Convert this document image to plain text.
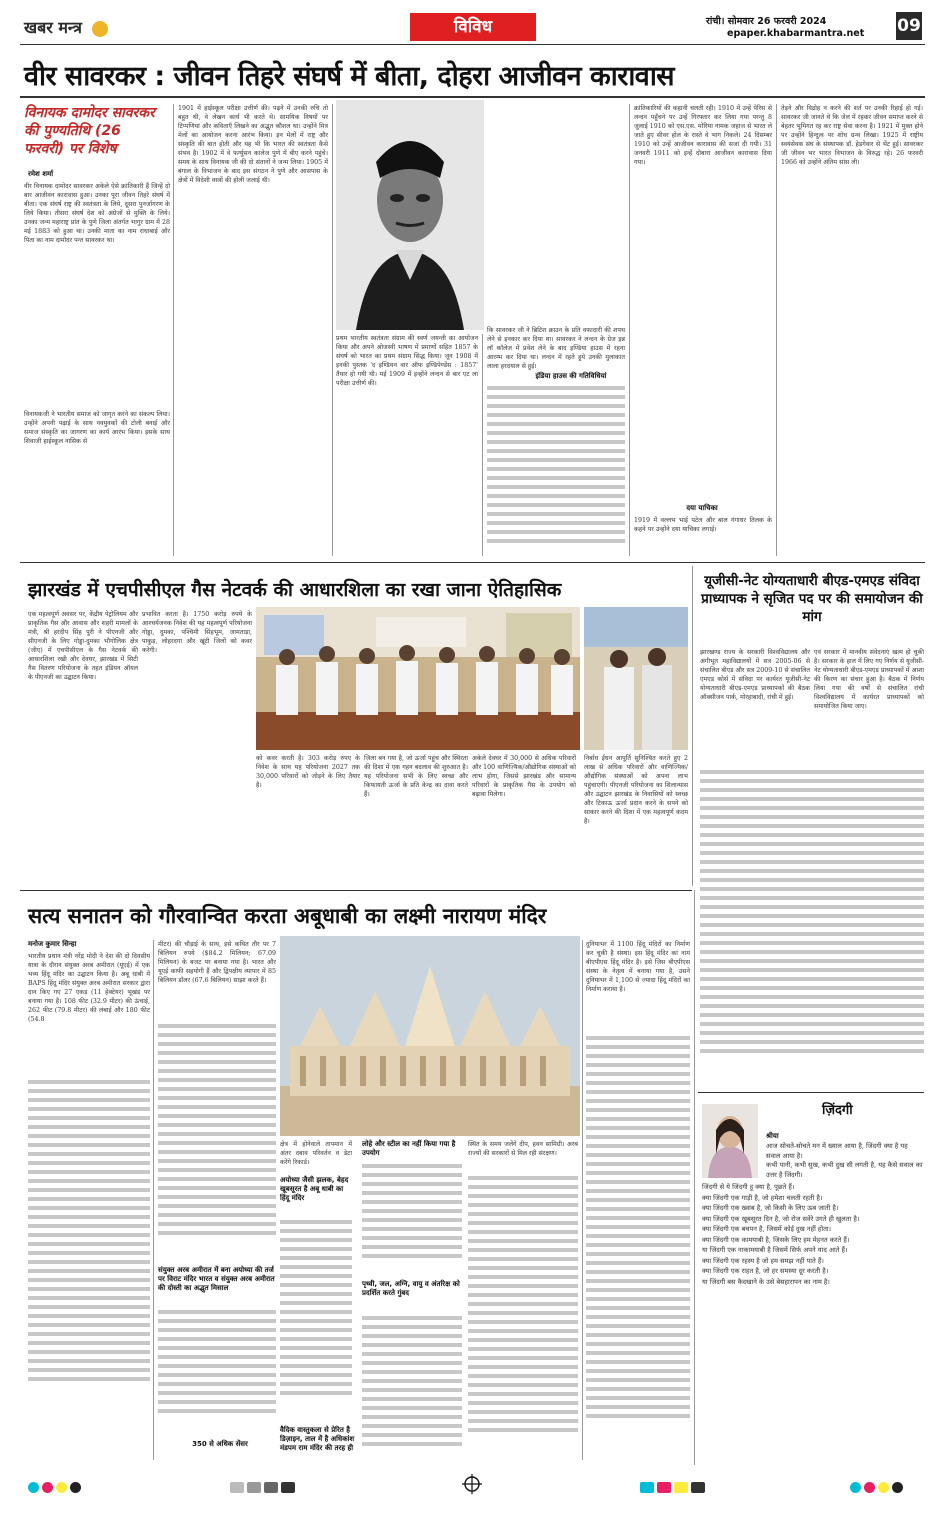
खबर मन्त्र	विविध	रांची। सोमवार 26 फरवरी 2024
epaper.khabarmantra.net 09
वीर सावरकर : जीवन तिहरे संघर्ष में बीता, दोहरा आजीवन कारावास
विनायक दामोदर सावरकर की पुण्यतिथि (26 फरवरी) पर विशेष
रमेश शर्मा
वीर विनायक दामोदर सावरकर अकेले ऐसे क्रांतिकारी हैं जिन्हें दो बार आजीवन कारावास हुआ। उनका पूरा जीवन तिहरे संघर्ष में बीता। एक संघर्ष राष्ट्र की स्वतंत्रता के लिये, दूसरा पुनर्जागरण के लिये किया। तीसरा संघर्ष देश को अंग्रेजों से मुक्ति के लिये। उनका जन्म महाराष्ट्र प्रांत के पुणे जिला अंतर्गत भागुर ग्राम में 28 मई 1883 को हुआ था। उनकी माता का नाम राधाबाई और पिता का नाम दामोदर पन्त सावरकर था।
विनायकजी ने भारतीय समाज को जागृत करने का संकल्प लिया। उन्होंने अपनी पढ़ाई के साथ नवयुवकों की टोली बनाई और समाज संस्कृति का जागरण का कार्य आरंभ किया। इसके साथ शिवाजी हाईस्कूल नासिक से
1901 में हाईस्कूल परीक्षा उत्तीर्ण की। पढ़ने में उनकी रुचि तो बहुत थी, वे लेखन कार्य भी करते थे। सामयिक विषयों पर टिप्पणियां और कविताएँ लिखने का अद्भुत कौशल था। उन्होंने मित्र मेलों का आयोजन करना आरंभ किया। इन मेलों में राष्ट्र और संस्कृति की बात होती और यह भी कि भारत की स्वतंत्रता कैसे संभव है। 1902 में वे फर्ग्युसन कालेज पुणे में बीए करने पहुंचे। समय के साथ विनायक जी की दो संतानों ने जन्म लिया। 1905 में बंगाल के विभाजन के बाद इस संगठन ने पुणे और आसपास के क्षेत्रों में विदेशी वस्त्रों की होली जलाई थी।
प्रथम भारतीय स्वतंत्रता संग्राम की स्वर्ण जयन्ती का आयोजन किया और अपने ओजस्वी भाषण में प्रमाणों सहित 1857 के संघर्ष को भारत का प्रथम संग्राम सिद्ध किया। जून 1908 में इनकी पुस्तक 'द इण्डियन वार ऑफ इण्डिपेण्डेंस : 1857' तैयार हो गयी थी। मई 1909 में इन्होंने लन्दन से बार एट ला परीक्षा उत्तीर्ण की।
कि सावरकर जी ने ब्रिटिश क्राउन के प्रति वफादारी की शपथ लेने से इनकार कर दिया था। सावरकर ने लन्दन के ग्रेज इन्न लॉ कॉलेज में प्रवेश लेने के बाद इण्डिया हाउस में रहना आरम्भ कर दिया था। लन्दन में रहते हुये उनकी मुलाकात लाला हरदयाल से हुई।
इंडिया हाउस की गतिविधियां
क्रांतिकारियों की कहानी चलती रही। 1910 में उन्हें पेरिस से लन्दन पहुँचने पर उन्हें गिरफ्तार कर लिया गया परन्तु 8 जुलाई 1910 को एस.एस. मोरिया नामक जहाज से भारत ले जाते हुए सीवर होल के रास्ते वे भाग निकले। 24 दिसम्बर 1910 को उन्हें आजीवन कारावास की सजा दी गयी। 31 जनवरी 1911 को इन्हें दोबारा आजीवन कारावास दिया गया।
दया याचिका
1919 में वल्लभ भाई पटेल और बाल गंगाधर तिलक के कहने पर उन्होंने दया याचिका लगाई।
तेड़ने और विद्रोह न करने की शर्त पर उनकी रिहाई हो गई। सावरकर जी जानते थे कि जेल में रहकर जीवन समाप्त करने से बेहतर भूमिगत रह कर राष्ट्र सेवा करना है। 1921 में मुक्त होने पर उन्होंने हिन्दुत्व पर शोध ग्रन्थ लिखा। 1925 में राष्ट्रीय स्वयंसेवक संघ के संस्थापक डॉ. हेडगेवार से भेंट हुई। सावरकर जी जीवन भर भारत विभाजन के विरुद्ध रहे। 26 फरवरी 1966 को उन्होंने अंतिम सांस ली।
झारखंड में एचपीसीएल गैस नेटवर्क की आधारशिला का रखा जाना ऐतिहासिक
एक महत्वपूर्ण अवसर पर, केंद्रीय पेट्रोलियम और प्राकृतिक गैस और आवास और शहरी मामलों के मंत्री, श्री हरदीप सिंह पुरी ने पीएनजी और सीएनजी के लिए गोड्डा-दुमका भौगोलिक क्षेत्र (जीए) में एचपीसीएल के गैस नेटवर्क की आधारशिला रखी और देवघर, झारखंड में सिटी गैस वितरण परियोजना के तहत इंडियन ऑयल के पीएनजी का उद्घाटन किया।
प्रभावित करता है। 1750 करोड़ रुपये के आश्चर्यजनक निवेश की यह महत्वपूर्ण परियोजना गोड्डा, दुमका, पश्चिमी सिंहभूम, जामताड़ा, पाकुड़, लोहरदगा और खूंटी जिलों को कवर करेगी।
को कवर करती है। 303 करोड़ रुपए के निवेश के साथ यह परियोजना 2027 तक 30,000 परिवारों को जोड़ने के लिए तैयार है।
जिला बन गया है, जो ऊर्जा पहुंच और स्थिरता की दिशा में एक गहन बदलाव की शुरुआत है। यह परियोजना सभी के लिए स्वच्छ और किफायती ऊर्जा के प्रति केन्द्र का दावा करते हैं।
अकेले देवघर में 30,000 से अधिक परिवारों और 100 वाणिज्यिक/औद्योगिक संस्थाओं को लाभ होगा, जिससे झारखंड और सामान्य परिवारों के प्राकृतिक गैस के उपयोग को बढ़ावा मिलेगा।
निर्बाध ईंधन आपूर्ति सुनिश्चित करते हुए 2 लाख से अधिक परिवारों और वाणिज्यिक/औद्योगिक संस्थाओं को अपना लाभ पहुंचाएगी। पीएनजी परियोजना का शिलान्यास और उद्घाटन झारखंड के निवासियों को स्वच्छ और टिकाऊ ऊर्जा प्रदान करने के सपने को साकार करने की दिशा में एक महत्वपूर्ण कदम है।
यूजीसी-नेट योग्यताधारी बीएड-एमएड संविदा प्राध्यापक ने सृजित पद पर की समायोजन की मांग
झारखण्ड राज्य के सरकारी विश्वविद्यालय और अंगीभूत महाविद्यालयों में सत्र 2005-06 से संचालित बीएड और सत्र 2009-10 से संचालित एमएड कोर्स में संविदा पर कार्यरत यूजीसी-नेट योग्यताधारी बीएड-एमएड प्राध्यापकों की बैठक ऑक्सीजन पार्क, मोरहाबादी, रांची में हुई।
एवं सरकार में मानवीय संवेदनाएं खत्म हो चुकी है। सरकार के हाल में लिए गए निर्णय से यूजीसी-नेट योग्यताधारी बीएड-एमएड प्राध्यापकों में आशा की किरण का संचार हुआ है। बैठक में निर्णय लिया गया की वर्षों से संचालित रांची विश्वविद्यालय में कार्यरत प्राध्यापकों को समायोजित किया जाए।
सत्य सनातन को गौरवान्वित करता अबूधाबी का लक्ष्मी नारायण मंदिर
मनोज कुमार सिन्हा
भारतीय प्रधान मंत्री नरेंद्र मोदी ने देश की दो दिवसीय यात्रा के दौरान संयुक्त अरब अमीरात (यूएई) में एक भव्य हिंदू मंदिर का उद्घाटन किया है। अबू धाबी में BAPS हिंदू मंदिर संयुक्त अरब अमीरात सरकार द्वारा दान किए गए 27 एकड़ (11 हेक्टेयर) भूखंड पर बनाया गया है। 108 फीट (32.9 मीटर) की ऊंचाई, 262 फीट (79.8 मीटर) की लंबाई और 180 फीट (54.8
मीटर) की चौड़ाई के साथ, इसे कथित तौर पर 7 बिलियन रुपये ($84.2 मिलियन; 67.09 मिलियन) के बजट पर बनाया गया है। भारत और यूएई काफी सहयोगी हैं और द्विपक्षीय व्यापार में 85 बिलियन डॉलर (67.6 बिलियन) साझा करते हैं।
संयुक्त अरब अमीरात में बना अयोध्या की तर्ज पर विराट मंदिर भारत व संयुक्त अरब अमीरात की दोस्ती का अद्भुत मिसाल
350 से अधिक सेंसर
क्षेत्र में होनेवाले तापमान में अंतर दबाव परिवर्तन व डेटा करेंगे रिकार्ड।
अयोध्या जैसी झलक, बेहद खूबसूरत है अबू धाबी का हिंदू मंदिर
वैदिक वास्तुकला से प्रेरित है डिज़ाइन, ताल में है अधिकांश मंडपम राम मंदिर की तरह ही
लोहे और स्टील का नहीं किया गया है उपयोग
पृथ्वी, जल, अग्नि, वायु व अंतरिक्ष को प्रदर्शित करते गुंबद
स्थित के समय जलेंगे दीप, हवन सामिग्री। अरब राज्यों की सरकारों से मिल रही संरक्षण।
दुनियाभर में 1100 हिंदू मंदिरों का निर्माण कर चुकी है संस्था। इस हिंदू मंदिर का नाम बीएपीएस हिंदू मंदिर है। इसे जिस बीएपीएस संस्था के नेतृत्व में बनाया गया है, उसने दुनियाभर में 1,100 से ज्यादा हिंदू मंदिरों का निर्माण कराया है।
ज़िंदगी
श्रीया
आज सोचते-सोचते मन में ख्याल आया है, जिंदगी क्या है यह सवाल आया है।
कभी पानी, कभी सुख, कभी दुख सी लगती है, यह कैसे सवाल का उत्तर है जिंदगी।
जिंदगी से ये जिंदगी हू क्या है, पूछते हैं।
क्या जिंदगी एक गाड़ी है, जो हमेशा चलती रहती है।
क्या जिंदगी एक ख्वाब है, जो किसी के लिए ऊब जाती है।
क्या जिंदगी एक खूबसूरत दिन है, जो रोज सवेरे उगते ही खुलता है।
क्या जिंदगी एक बचपन है, जिसमें कोई दुख नहीं होता।
क्या जिंदगी एक कामयाबी है, जिसके लिए हम मेहनत करते हैं।
या जिंदगी एक नाकामयाबी है जिसमें सिर्फ अपने याद आते हैं।
क्या जिंदगी एक रहस्य है जो हम समझ नहीं पाते हैं।
क्या जिंदगी एक राहत है, जो हर समस्या दूर करती है।
या जिंदगी बस कैदखाने के उसे बेसहारापन का नाम है।
